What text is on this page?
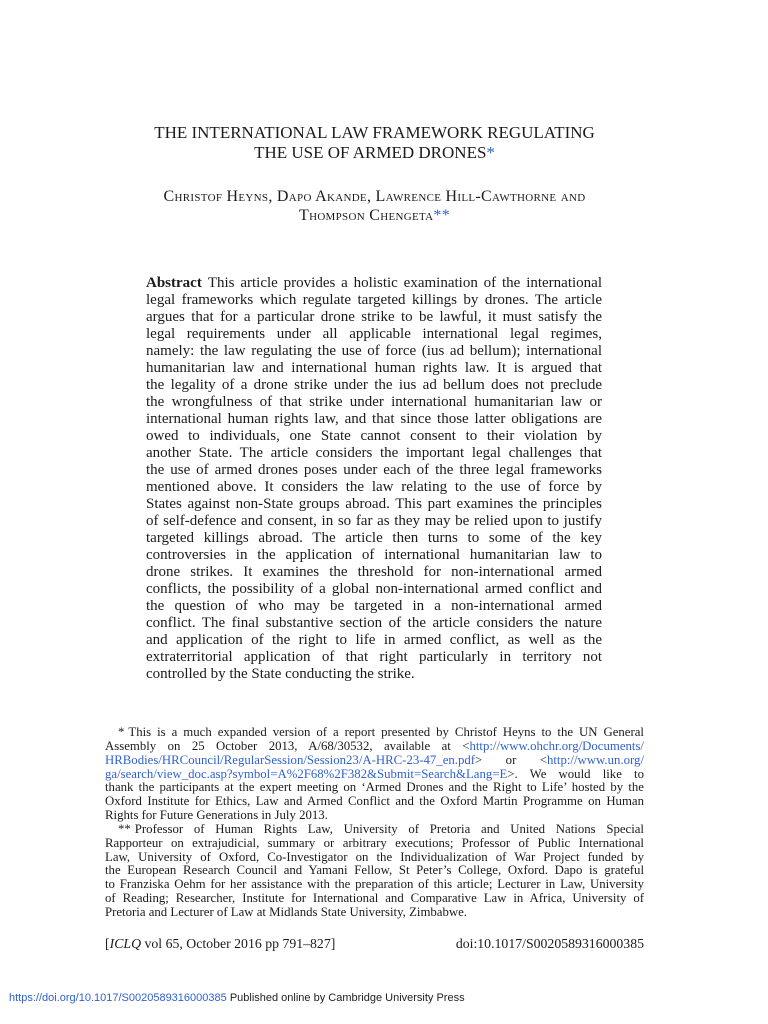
THE INTERNATIONAL LAW FRAMEWORK REGULATING
THE USE OF ARMED DRONES*
Christof Heyns, Dapo Akande, Lawrence Hill-Cawthorne and
Thompson Chengeta**
Abstract This article provides a holistic examination of the international
legal frameworks which regulate targeted killings by drones. The article
argues that for a particular drone strike to be lawful, it must satisfy the
legal requirements under all applicable international legal regimes,
namely: the law regulating the use of force (ius ad bellum); international
humanitarian law and international human rights law. It is argued that
the legality of a drone strike under the ius ad bellum does not preclude
the wrongfulness of that strike under international humanitarian law or
international human rights law, and that since those latter obligations are
owed to individuals, one State cannot consent to their violation by
another State. The article considers the important legal challenges that
the use of armed drones poses under each of the three legal frameworks
mentioned above. It considers the law relating to the use of force by
States against non-State groups abroad. This part examines the principles
of self-defence and consent, in so far as they may be relied upon to justify
targeted killings abroad. The article then turns to some of the key
controversies in the application of international humanitarian law to
drone strikes. It examines the threshold for non-international armed
conflicts, the possibility of a global non-international armed conflict and
the question of who may be targeted in a non-international armed
conflict. The final substantive section of the article considers the nature
and application of the right to life in armed conflict, as well as the
extraterritorial application of that right particularly in territory not
controlled by the State conducting the strike.
* This is a much expanded version of a report presented by Christof Heyns to the UN General
Assembly on 25 October 2013, A/68/30532, available at <http://www.ohchr.org/Documents/
HRBodies/HRCouncil/RegularSession/Session23/A-HRC-23-47_en.pdf> or <http://www.un.org/
ga/search/view_doc.asp?symbol=A%2F68%2F382&Submit=Search&Lang=E>. We would like to
thank the participants at the expert meeting on ‘Armed Drones and the Right to Life’ hosted by the
Oxford Institute for Ethics, Law and Armed Conflict and the Oxford Martin Programme on Human
Rights for Future Generations in July 2013.
** Professor of Human Rights Law, University of Pretoria and United Nations Special
Rapporteur on extrajudicial, summary or arbitrary executions; Professor of Public International
Law, University of Oxford, Co-Investigator on the Individualization of War Project funded by
the European Research Council and Yamani Fellow, St Peter’s College, Oxford. Dapo is grateful
to Franziska Oehm for her assistance with the preparation of this article; Lecturer in Law, University
of Reading; Researcher, Institute for International and Comparative Law in Africa, University of
Pretoria and Lecturer of Law at Midlands State University, Zimbabwe.
[ICLQ vol 65, October 2016 pp 791–827]	doi:10.1017/S0020589316000385
https://doi.org/10.1017/S0020589316000385 Published online by Cambridge University Press
